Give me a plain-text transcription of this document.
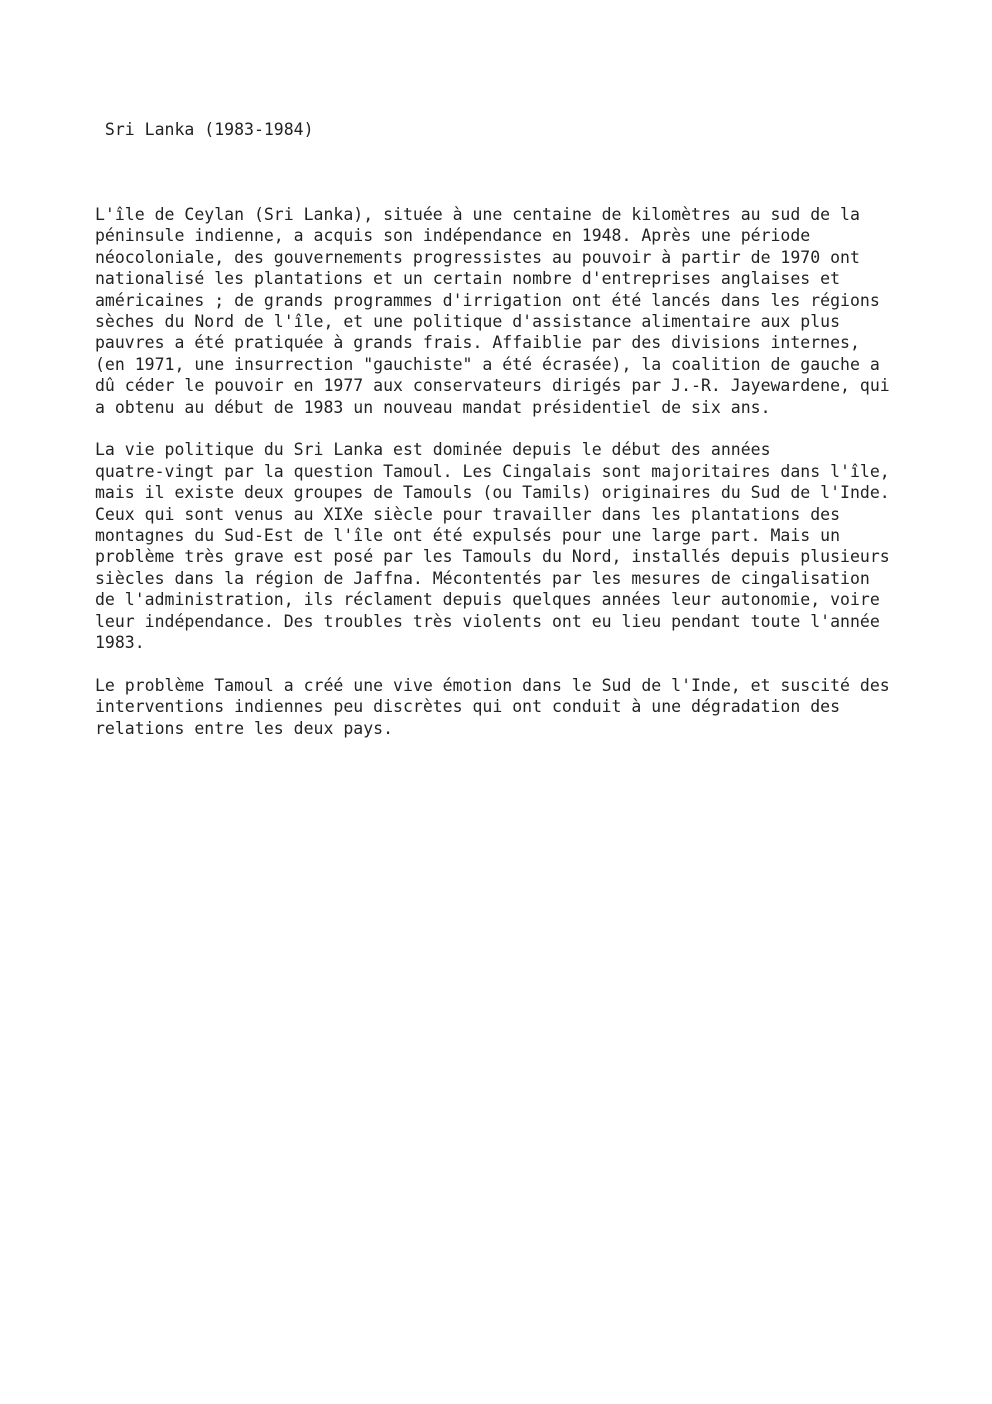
Sri Lanka (1983-1984)

L'île de Ceylan (Sri Lanka), située à une centaine de kilomètres au sud de la
péninsule indienne, a acquis son indépendance en 1948. Après une période
néocoloniale, des gouvernements progressistes au pouvoir à partir de 1970 ont
nationalisé les plantations et un certain nombre d'entreprises anglaises et
américaines ; de grands programmes d'irrigation ont été lancés dans les régions
sèches du Nord de l'île, et une politique d'assistance alimentaire aux plus
pauvres a été pratiquée à grands frais. Affaiblie par des divisions internes,
(en 1971, une insurrection "gauchiste" a été écrasée), la coalition de gauche a
dû céder le pouvoir en 1977 aux conservateurs dirigés par J.-R. Jayewardene, qui
a obtenu au début de 1983 un nouveau mandat présidentiel de six ans.

La vie politique du Sri Lanka est dominée depuis le début des années
quatre-vingt par la question Tamoul. Les Cingalais sont majoritaires dans l'île,
mais il existe deux groupes de Tamouls (ou Tamils) originaires du Sud de l'Inde.
Ceux qui sont venus au XIXe siècle pour travailler dans les plantations des
montagnes du Sud-Est de l'île ont été expulsés pour une large part. Mais un
problème très grave est posé par les Tamouls du Nord, installés depuis plusieurs
siècles dans la région de Jaffna. Mécontentés par les mesures de cingalisation
de l'administration, ils réclament depuis quelques années leur autonomie, voire
leur indépendance. Des troubles très violents ont eu lieu pendant toute l'année
1983.

Le problème Tamoul a créé une vive émotion dans le Sud de l'Inde, et suscité des
interventions indiennes peu discrètes qui ont conduit à une dégradation des
relations entre les deux pays.
